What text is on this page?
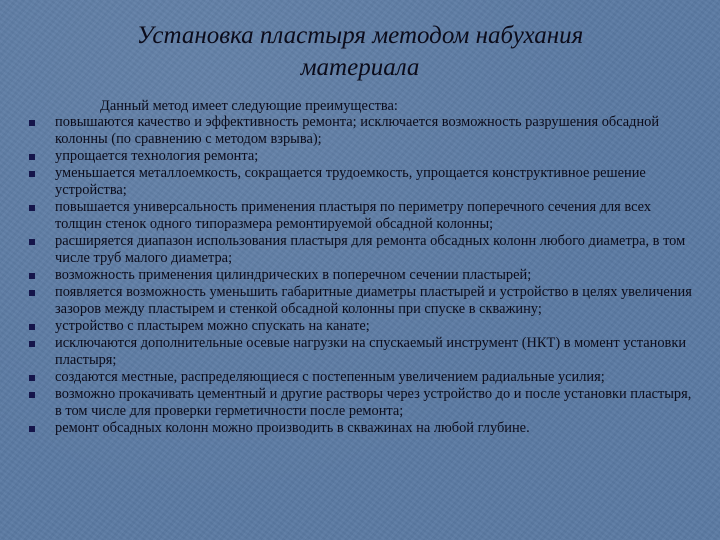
Установка пластыря методом набухания
материала

Данный метод имеет следующие преимущества:

повышаются качество и эффективность ремонта; исключается возможность разрушения обсадной колонны (по сравнению с методом взрыва);
упрощается технология ремонта;
уменьшается металлоемкость, сокращается трудоемкость, упрощается конструктивное решение устройства;
повышается универсальность применения пластыря по периметру поперечного сечения для всех толщин стенок одного типоразмера ремонтируемой обсадной колонны;
расширяется диапазон использования пластыря для ремонта обсадных колонн любого диаметра, в том числе труб малого диаметра;
возможность применения цилиндрических в поперечном сечении пластырей;
появляется возможность уменьшить габаритные диаметры пластырей и устройство в целях увеличения зазоров между пластырем и стенкой обсадной колонны при спуске в скважину;
устройство с пластырем можно спускать на канате;
исключаются дополнительные осевые нагрузки на спускаемый инструмент (НКТ) в момент установки пластыря;
создаются местные, распределяющиеся с постепенным увеличением радиальные усилия;
возможно прокачивать цементный и другие растворы через устройство до и после установки пластыря, в том числе для проверки герметичности после ремонта;
ремонт обсадных колонн можно производить в скважинах на любой глубине.
